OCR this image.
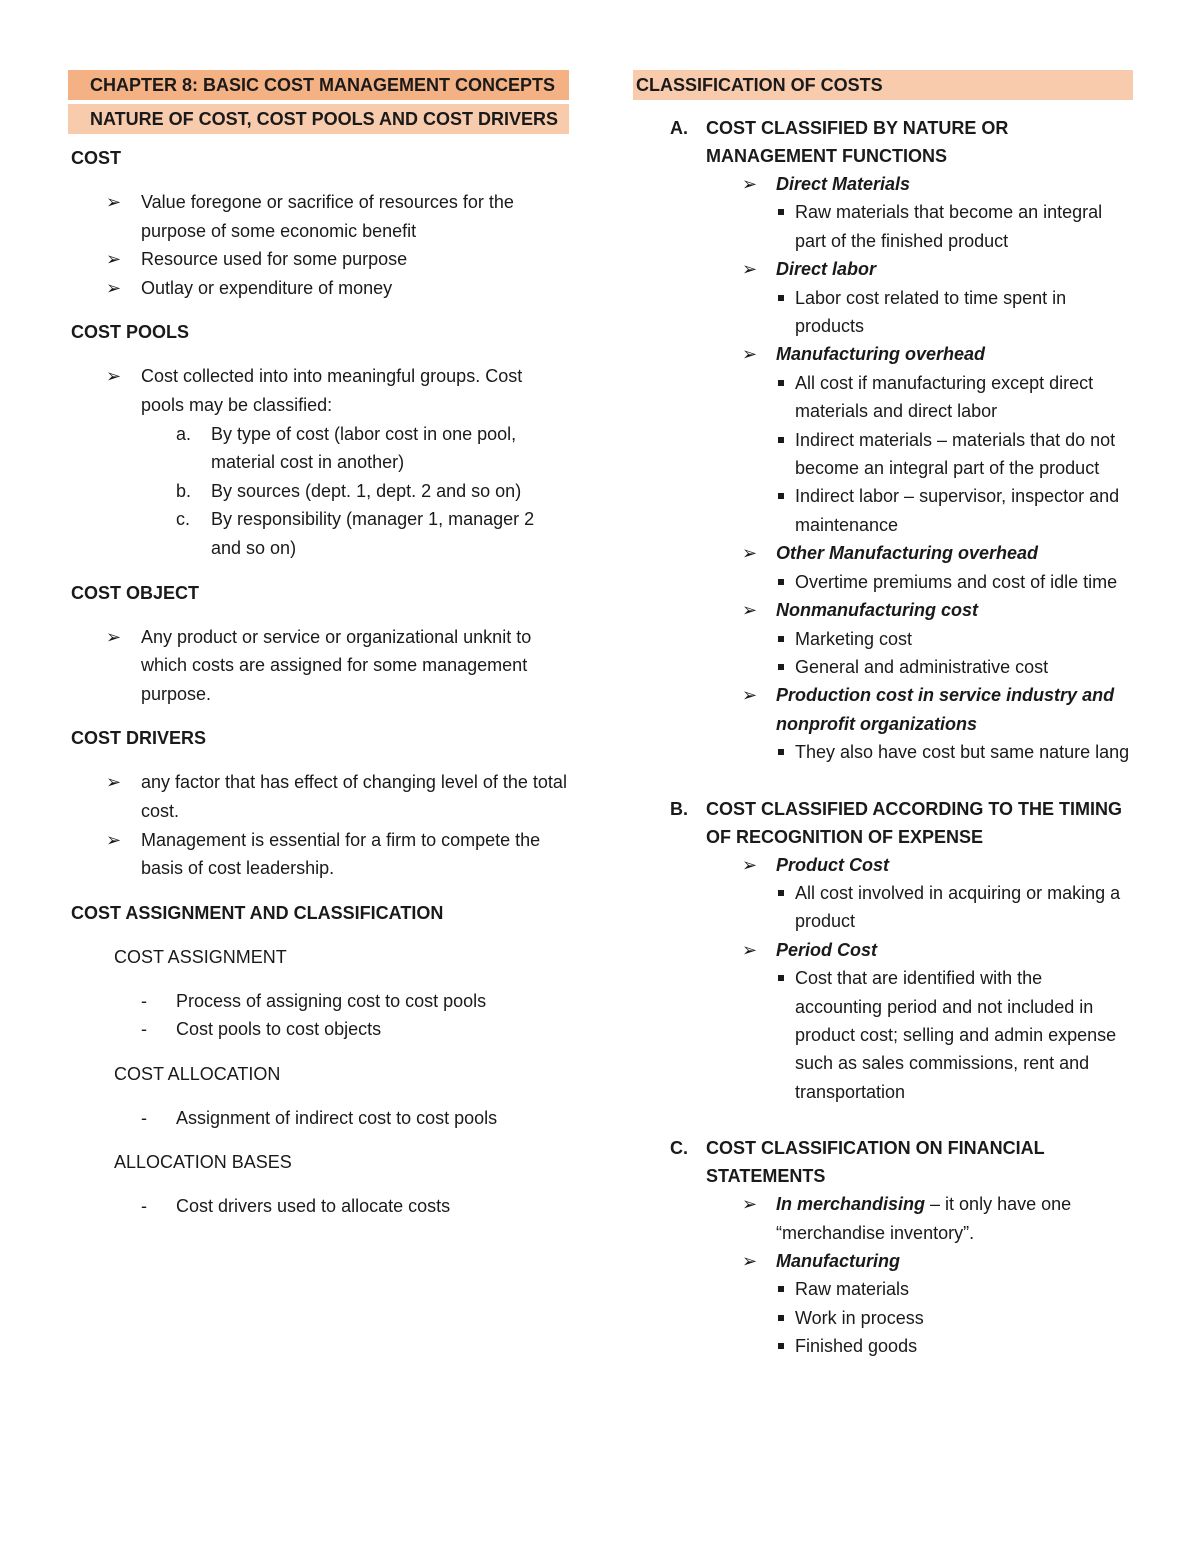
CHAPTER 8: BASIC COST MANAGEMENT CONCEPTS
NATURE OF COST, COST POOLS AND COST DRIVERS
COST
➢ Value foregone or sacrifice of resources for the purpose of some economic benefit
➢ Resource used for some purpose
➢ Outlay or expenditure of money
COST POOLS
➢ Cost collected into into meaningful groups. Cost pools may be classified:
a. By type of cost (labor cost in one pool, material cost in another)
b. By sources (dept. 1, dept. 2 and so on)
c. By responsibility (manager 1, manager 2 and so on)
COST OBJECT
➢ Any product or service or organizational unknit to which costs are assigned for some management purpose.
COST DRIVERS
➢ any factor that has effect of changing level of the total cost.
➢ Management is essential for a firm to compete the basis of cost leadership.
COST ASSIGNMENT AND CLASSIFICATION
COST ASSIGNMENT
- Process of assigning cost to cost pools
- Cost pools to cost objects
COST ALLOCATION
- Assignment of indirect cost to cost pools
ALLOCATION BASES
- Cost drivers used to allocate costs
CLASSIFICATION OF COSTS
A. COST CLASSIFIED BY NATURE OR MANAGEMENT FUNCTIONS
➢ Direct Materials
Raw materials that become an integral part of the finished product
➢ Direct labor
Labor cost related to time spent in products
➢ Manufacturing overhead
All cost if manufacturing except direct materials and direct labor
Indirect materials – materials that do not become an integral part of the product
Indirect labor – supervisor, inspector and maintenance
➢ Other Manufacturing overhead
Overtime premiums and cost of idle time
➢ Nonmanufacturing cost
Marketing cost
General and administrative cost
➢ Production cost in service industry and nonprofit organizations
They also have cost but same nature lang
B. COST CLASSIFIED ACCORDING TO THE TIMING OF RECOGNITION OF EXPENSE
➢ Product Cost
All cost involved in acquiring or making a product
➢ Period Cost
Cost that are identified with the accounting period and not included in product cost; selling and admin expense such as sales commissions, rent and transportation
C. COST CLASSIFICATION ON FINANCIAL STATEMENTS
➢ In merchandising – it only have one “merchandise inventory”.
➢ Manufacturing
Raw materials
Work in process
Finished goods
